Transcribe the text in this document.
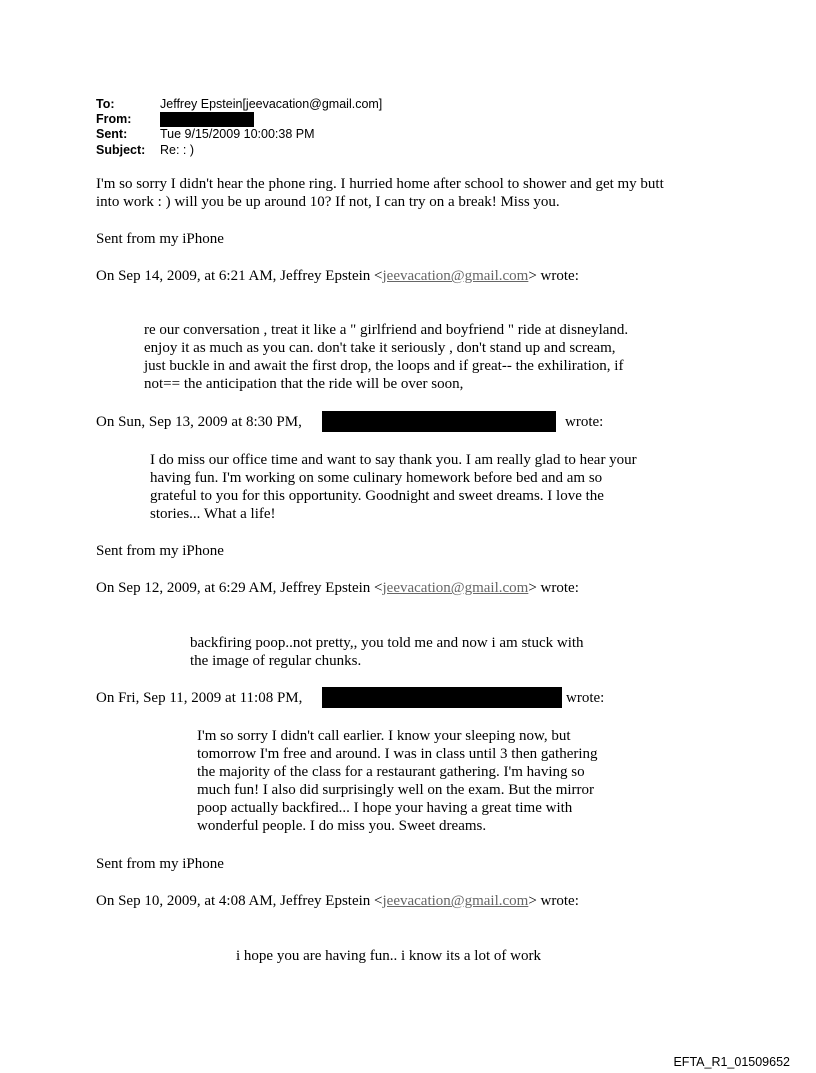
To:	Jeffrey Epstein[jeevacation@gmail.com]
From:
Sent:	Tue 9/15/2009 10:00:38 PM
Subject: Re: : )
I'm so sorry I didn't hear the phone ring. I hurried home after school to shower and get my butt
into work : ) will you be up around 10? If not, I can try on a break! Miss you.
Sent from my iPhone
On Sep 14, 2009, at 6:21 AM, Jeffrey Epstein <jeevacation@gmail.com> wrote:
re our conversation , treat it like a " girlfriend and boyfriend " ride at disneyland.
enjoy it as much as you can. don't take it seriously , don't stand up and scream,
just buckle in and await the first drop, the loops and if great-- the exhiliration, if
not== the anticipation that the ride will be over soon,
On Sun, Sep 13, 2009 at 8:30 PM,	wrote:
I do miss our office time and want to say thank you. I am really glad to hear your
having fun. I'm working on some culinary homework before bed and am so
grateful to you for this opportunity. Goodnight and sweet dreams. I love the
stories... What a life!
Sent from my iPhone
On Sep 12, 2009, at 6:29 AM, Jeffrey Epstein <jeevacation@gmail.com> wrote:
backfiring poop..not pretty,, you told me and now i am stuck with
the image of regular chunks.
On Fri, Sep 11, 2009 at 11:08 PM,	wrote:
I'm so sorry I didn't call earlier. I know your sleeping now, but
tomorrow I'm free and around. I was in class until 3 then gathering
the majority of the class for a restaurant gathering. I'm having so
much fun! I also did surprisingly well on the exam. But the mirror
poop actually backfired... I hope your having a great time with
wonderful people. I do miss you. Sweet dreams.
Sent from my iPhone
On Sep 10, 2009, at 4:08 AM, Jeffrey Epstein <jeevacation@gmail.com> wrote:
i hope you are having fun.. i know its a lot of work
EFTA_R1_01509652
